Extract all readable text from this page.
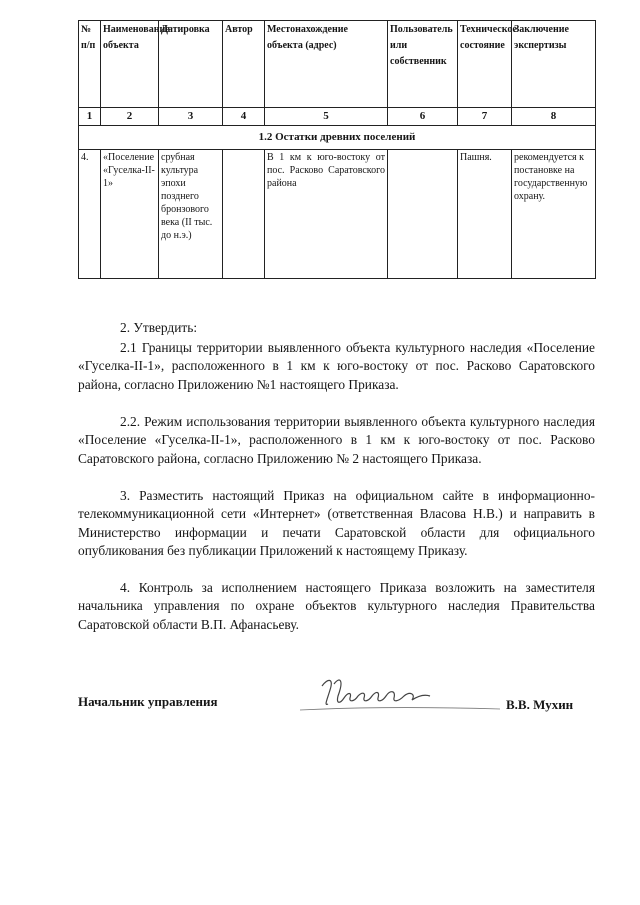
№ п/п	Наименование объекта	Датировка	Автор	Местонахождение объекта (адрес)	Пользователь или собственник	Техническое состояние	Заключение экспертизы
1	2	3	4	5	6	7	8
1.2 Остатки древних поселений							
4.	«Поселение «Гуселка-II-1»	срубная культура эпохи позднего бронзового века (II тыс. до н.э.)		В 1 км к юго-востоку от пос. Расково Саратовского района		Пашня.	рекомендуется к постановке на государственную охрану.

2. Утвердить:

2.1 Границы территории выявленного объекта культурного наследия «Поселение «Гуселка-II-1», расположенного в 1 км к юго-востоку от пос. Расково Саратовского района, согласно Приложению №1 настоящего Приказа.

2.2. Режим использования территории выявленного объекта культурного наследия «Поселение «Гуселка-II-1», расположенного в 1 км к юго-востоку от пос. Расково Саратовского района, согласно Приложению № 2 настоящего Приказа.

3. Разместить настоящий Приказ на официальном сайте в информационно-телекоммуникационной сети «Интернет» (ответственная Власова Н.В.) и направить в Министерство информации и печати Саратовской области для официального опубликования без публикации Приложений к настоящему Приказу.

4. Контроль за исполнением настоящего Приказа возложить на заместителя начальника управления по охране объектов культурного наследия Правительства Саратовской области В.П. Афанасьеву.

Начальник управления	В.В. Мухин
